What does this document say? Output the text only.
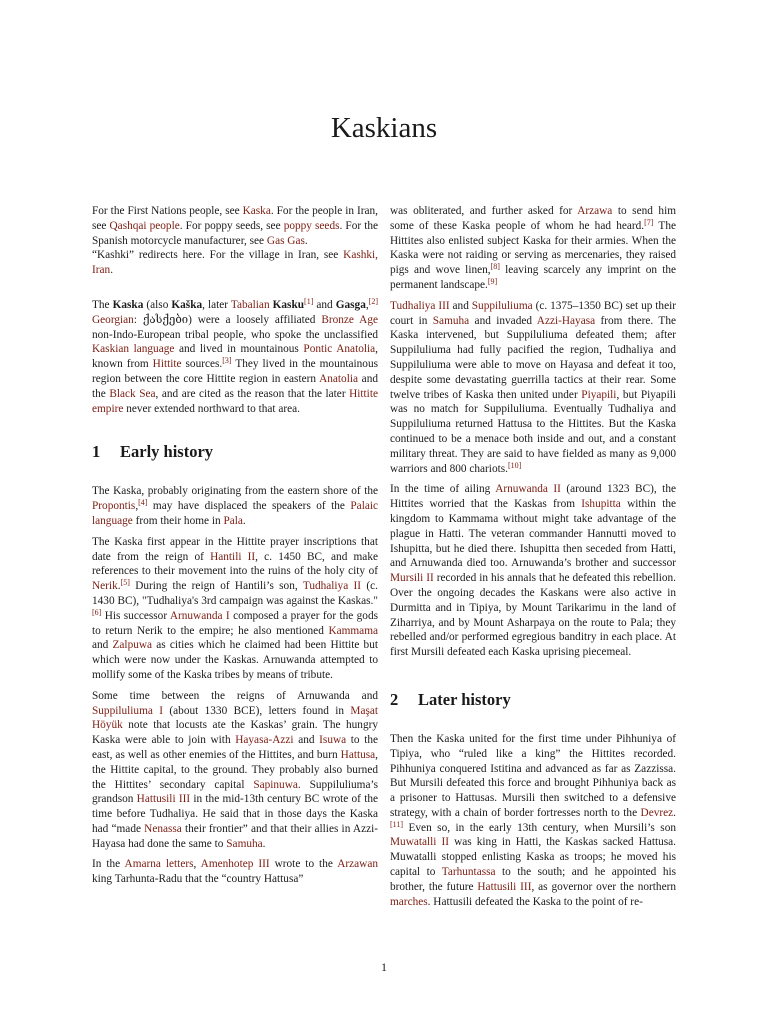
Kaskians

For the First Nations people, see Kaska. For the people in Iran, see Qashqai people. For poppy seeds, see poppy seeds. For the Spanish motorcycle manufacturer, see Gas Gas.
“Kashki” redirects here. For the village in Iran, see Kashki, Iran.

The Kaska (also Kaška, later Tabalian Kasku[1] and Gasga,[2] Georgian: ქასქები) were a loosely affiliated Bronze Age non-Indo-European tribal people, who spoke the unclassified Kaskian language and lived in mountainous Pontic Anatolia, known from Hittite sources.[3] They lived in the mountainous region between the core Hittite region in eastern Anatolia and the Black Sea, and are cited as the reason that the later Hittite empire never extended northward to that area.

1 Early history

The Kaska, probably originating from the eastern shore of the Propontis,[4] may have displaced the speakers of the Palaic language from their home in Pala.

The Kaska first appear in the Hittite prayer inscriptions that date from the reign of Hantili II, c. 1450 BC, and make references to their movement into the ruins of the holy city of Nerik.[5] During the reign of Hantili’s son, Tudhaliya II (c. 1430 BC), "Tudhaliya's 3rd campaign was against the Kaskas." [6] His successor Arnuwanda I composed a prayer for the gods to return Nerik to the empire; he also mentioned Kammama and Zalpuwa as cities which he claimed had been Hittite but which were now under the Kaskas. Arnuwanda attempted to mollify some of the Kaska tribes by means of tribute.

Some time between the reigns of Arnuwanda and Suppiluliuma I (about 1330 BCE), letters found in Maşat Höyük note that locusts ate the Kaskas’ grain. The hungry Kaska were able to join with Hayasa-Azzi and Isuwa to the east, as well as other enemies of the Hittites, and burn Hattusa, the Hittite capital, to the ground. They probably also burned the Hittites’ secondary capital Sapinuwa. Suppiluliuma’s grandson Hattusili III in the mid-13th century BC wrote of the time before Tudhaliya. He said that in those days the Kaska had “made Nenassa their frontier” and that their allies in Azzi-Hayasa had done the same to Samuha.

In the Amarna letters, Amenhotep III wrote to the Arzawan king Tarhunta-Radu that the “country Hattusa”

was obliterated, and further asked for Arzawa to send him some of these Kaska people of whom he had heard.[7] The Hittites also enlisted subject Kaska for their armies. When the Kaska were not raiding or serving as mercenaries, they raised pigs and wove linen,[8] leaving scarcely any imprint on the permanent landscape.[9]

Tudhaliya III and Suppiluliuma (c. 1375–1350 BC) set up their court in Samuha and invaded Azzi-Hayasa from there. The Kaska intervened, but Suppiluliuma defeated them; after Suppiluliuma had fully pacified the region, Tudhaliya and Suppiluliuma were able to move on Hayasa and defeat it too, despite some devastating guerrilla tactics at their rear. Some twelve tribes of Kaska then united under Piyapili, but Piyapili was no match for Suppiluliuma. Eventually Tudhaliya and Suppiluliuma returned Hattusa to the Hittites. But the Kaska continued to be a menace both inside and out, and a constant military threat. They are said to have fielded as many as 9,000 warriors and 800 chariots.[10]

In the time of ailing Arnuwanda II (around 1323 BC), the Hittites worried that the Kaskas from Ishupitta within the kingdom to Kammama without might take advantage of the plague in Hatti. The veteran commander Hannutti moved to Ishupitta, but he died there. Ishupitta then seceded from Hatti, and Arnuwanda died too. Arnuwanda’s brother and successor Mursili II recorded in his annals that he defeated this rebellion. Over the ongoing decades the Kaskans were also active in Durmitta and in Tipiya, by Mount Tarikarimu in the land of Ziharriya, and by Mount Asharpaya on the route to Pala; they rebelled and/or performed egregious banditry in each place. At first Mursili defeated each Kaska uprising piecemeal.

2 Later history

Then the Kaska united for the first time under Pihhuniya of Tipiya, who “ruled like a king” the Hittites recorded. Pihhuniya conquered Istitina and advanced as far as Zazzissa. But Mursili defeated this force and brought Pihhuniya back as a prisoner to Hattusas. Mursili then switched to a defensive strategy, with a chain of border fortresses north to the Devrez.[11] Even so, in the early 13th century, when Mursili’s son Muwatalli II was king in Hatti, the Kaskas sacked Hattusa. Muwatalli stopped enlisting Kaska as troops; he moved his capital to Tarhuntassa to the south; and he appointed his brother, the future Hattusili III, as governor over the northern marches. Hattusili defeated the Kaska to the point of re-

1
